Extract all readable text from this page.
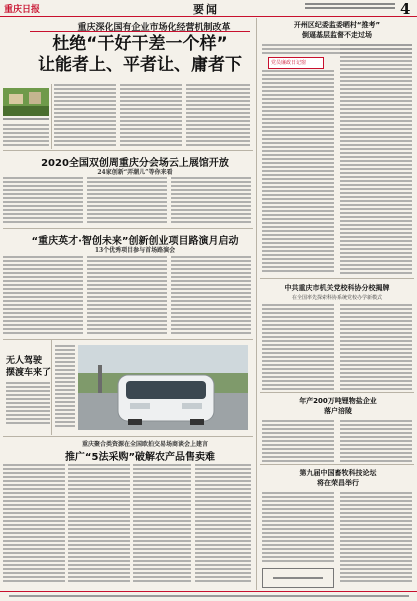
重庆日报	要闻	4
重庆深化国有企业市场化经营机制改革
杜绝“干好干差一个样”
让能者上、平者让、庸者下
2020全国双创周重庆分会场云上展馆开放
24家创新“弄潮儿”等你来看
“重庆英才·智创未来”创新创业项目路演月启动
13个优秀项目参与首场路演会
无人驾驶
摆渡车来了
重庆聚合类资源在全国欧拍交易场商谈会上建言
推广“5法采购”破解农产品售卖难
开州区纪委监委晒村“推考”
倒逼基层监督不走过场
党员廉政日记窗
中共重庆市机关党校科协分校揭牌
在全国率先探索科协系统党校办学新模式
年产200万吨锂物盐企业
落户涪陵
第九届中国畜牧科技论坛
将在荣昌举行
